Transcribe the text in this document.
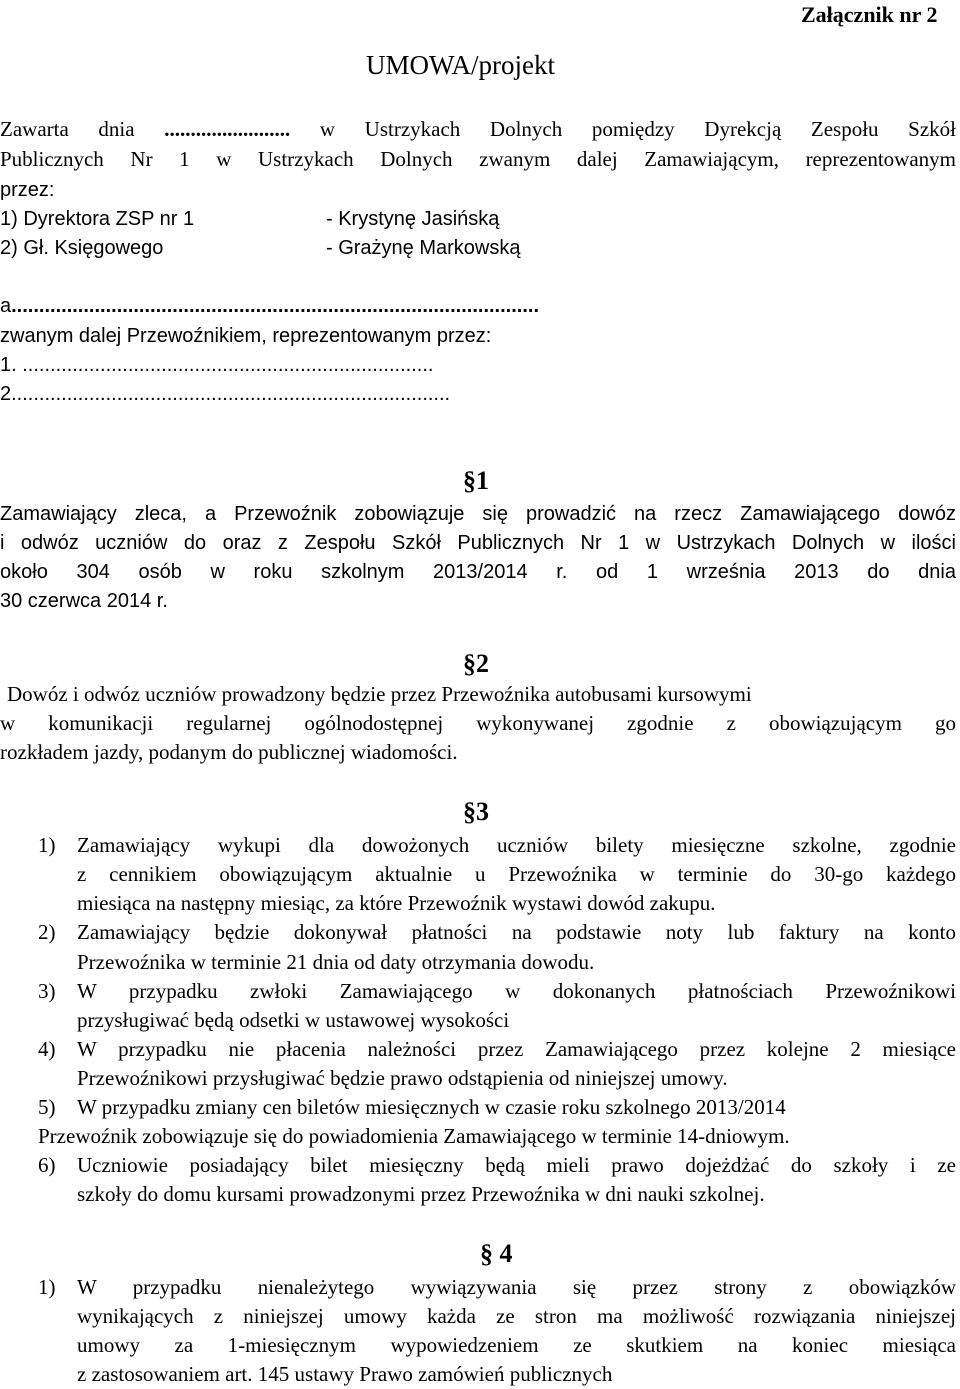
Załącznik nr 2
UMOWA/projekt
Zawarta dnia ........................ w Ustrzykach Dolnych pomiędzy Dyrekcją Zespołu Szkół
Publicznych Nr 1 w Ustrzykach Dolnych zwanym dalej Zamawiającym, reprezentowanym
przez:
1) Dyrektora ZSP nr 1	- Krystynę Jasińską
2) Gł. Księgowego	- Grażynę Markowską
a...............................................................................................
zwanym dalej Przewoźnikiem, reprezentowanym przez:
1. ..........................................................................
2...............................................................................
§1
Zamawiający zleca, a Przewoźnik zobowiązuje się prowadzić na rzecz Zamawiającego dowóz
i odwóz uczniów do oraz z Zespołu Szkół Publicznych Nr 1 w Ustrzykach Dolnych w ilości
około 304 osób w roku szkolnym 2013/2014 r. od 1 września 2013 do dnia
30 czerwca 2014 r.
§2
Dowóz i odwóz uczniów prowadzony będzie przez Przewoźnika autobusami kursowymi
w komunikacji regularnej ogólnodostępnej wykonywanej zgodnie z obowiązującym go
rozkładem jazdy, podanym do publicznej wiadomości.
§3
1) Zamawiający wykupi dla dowożonych uczniów bilety miesięczne szkolne, zgodnie
z cennikiem obowiązującym aktualnie u Przewoźnika w terminie do 30-go każdego
miesiąca na następny miesiąc, za które Przewoźnik wystawi dowód zakupu.
2) Zamawiający będzie dokonywał płatności na podstawie noty lub faktury na konto
Przewoźnika w terminie 21 dnia od daty otrzymania dowodu.
3) W przypadku zwłoki Zamawiającego w dokonanych płatnościach Przewoźnikowi
przysługiwać będą odsetki w ustawowej wysokości
4) W przypadku nie płacenia należności przez Zamawiającego przez kolejne 2 miesiące
Przewoźnikowi przysługiwać będzie prawo odstąpienia od niniejszej umowy.
5) W przypadku zmiany cen biletów miesięcznych w czasie roku szkolnego 2013/2014
Przewoźnik zobowiązuje się do powiadomienia Zamawiającego w terminie 14-dniowym.
6) Uczniowie posiadający bilet miesięczny będą mieli prawo dojeżdżać do szkoły i ze
szkoły do domu kursami prowadzonymi przez Przewoźnika w dni nauki szkolnej.
§ 4
1) W przypadku nienależytego wywiązywania się przez strony z obowiązków
wynikających z niniejszej umowy każda ze stron ma możliwość rozwiązania niniejszej
umowy za 1-miesięcznym wypowiedzeniem ze skutkiem na koniec miesiąca
z zastosowaniem art. 145 ustawy Prawo zamówień publicznych
